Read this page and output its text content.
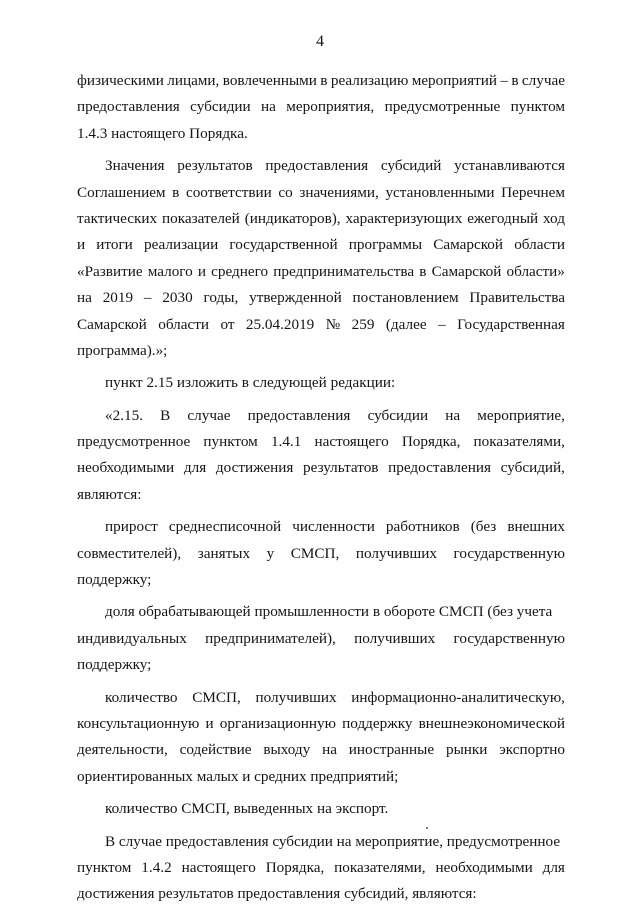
4
физическими лицами, вовлеченными в реализацию мероприятий – в случае
предоставления субсидии на мероприятия, предусмотренные пунктом
1.4.3 настоящего Порядка.
Значения результатов предоставления субсидий устанавливаются
Соглашением в соответствии со значениями, установленными Перечнем
тактических показателей (индикаторов), характеризующих ежегодный ход
и итоги реализации государственной программы Самарской области
«Развитие малого и среднего предпринимательства в Самарской области»
на 2019 – 2030 годы, утвержденной постановлением Правительства
Самарской области от 25.04.2019 № 259 (далее – Государственная
программа).»;
пункт 2.15 изложить в следующей редакции:
«2.15. В случае предоставления субсидии на мероприятие,
предусмотренное пунктом 1.4.1 настоящего Порядка, показателями,
необходимыми для достижения результатов предоставления субсидий,
являются:
прирост среднесписочной численности работников (без внешних
совместителей), занятых у СМСП, получивших государственную
поддержку;
доля обрабатывающей промышленности в обороте СМСП (без учета
индивидуальных предпринимателей), получивших государственную
поддержку;
количество СМСП, получивших информационно-аналитическую,
консультационную и организационную поддержку внешнеэкономической
деятельности, содействие выходу на иностранные рынки экспортно
ориентированных малых и средних предприятий;
количество СМСП, выведенных на экспорт.
В случае предоставления субсидии на мероприятие, предусмотренное
пунктом 1.4.2 настоящего Порядка, показателями, необходимыми для
достижения результатов предоставления субсидий, являются:
